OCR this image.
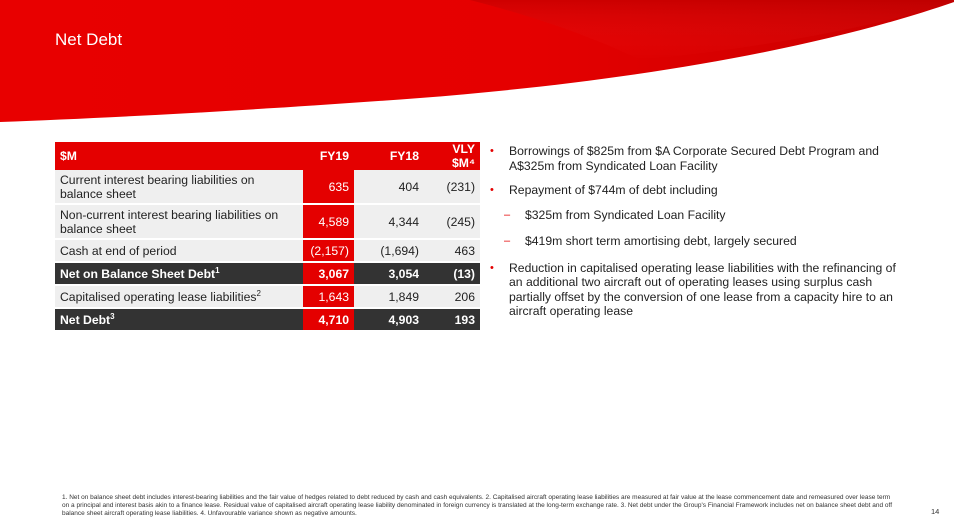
Net Debt
$M	FY19	FY18	VLY $M⁴
Current interest bearing liabilities on balance sheet	635	404	(231)
Non-current interest bearing liabilities on balance sheet	4,589	4,344	(245)
Cash at end of period	(2,157)	(1,694)	463
Net on Balance Sheet Debt$^1$	3,067	3,054	(13)
Capitalised operating lease liabilities$^2$	1,643	1,849	206
Net Debt$^3$	4,710	4,903	193
• Borrowings of $825m from $A Corporate Secured Debt Program and A$325m from Syndicated Loan Facility
• Repayment of $744m of debt including
– $325m from Syndicated Loan Facility
– $419m short term amortising debt, largely secured
• Reduction in capitalised operating lease liabilities with the refinancing of an additional two aircraft out of operating leases using surplus cash partially offset by the conversion of one lease from a capacity hire to an aircraft operating lease
1. Net on balance sheet debt includes interest-bearing liabilities and the fair value of hedges related to debt reduced by cash and cash equivalents. 2. Capitalised aircraft operating lease liabilities are measured at fair value at the lease commencement date and remeasured over lease term on a principal and interest basis akin to a finance lease. Residual value of capitalised aircraft operating lease liability denominated in foreign currency is translated at the long-term exchange rate. 3. Net debt under the Group's Financial Framework includes net on balance sheet debt and off balance sheet aircraft operating lease liabilities. 4. Unfavourable variance shown as negative amounts.	14
